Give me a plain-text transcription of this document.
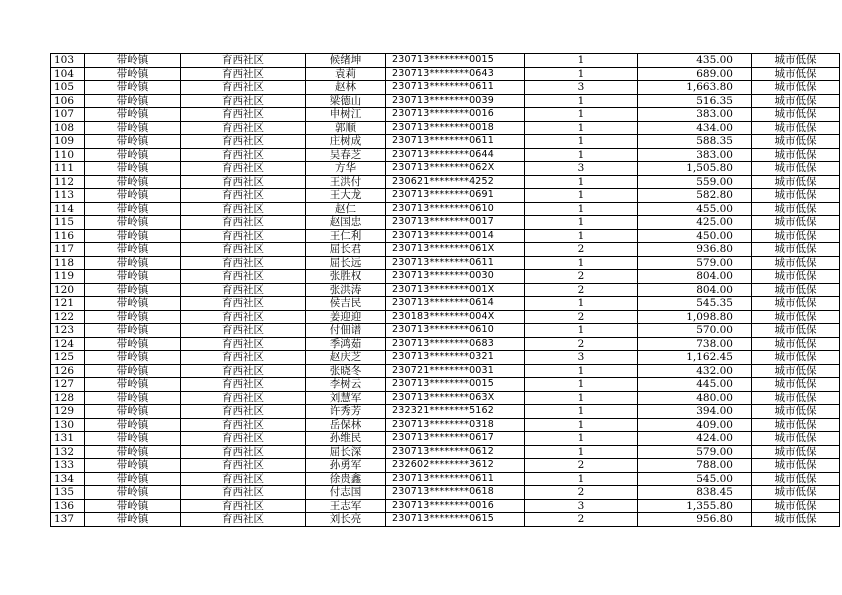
103	带岭镇	育西社区	候绪坤	230713********0015	1	435.00	城市低保
104	带岭镇	育西社区	袁莉	230713********0643	1	689.00	城市低保
105	带岭镇	育西社区	赵林	230713********0611	3	1,663.80	城市低保
106	带岭镇	育西社区	梁德山	230713********0039	1	516.35	城市低保
107	带岭镇	育西社区	申树江	230713********0016	1	383.00	城市低保
108	带岭镇	育西社区	郭顺	230713********0018	1	434.00	城市低保
109	带岭镇	育西社区	庄树成	230713********0611	1	588.35	城市低保
110	带岭镇	育西社区	吴春芝	230713********0644	1	383.00	城市低保
111	带岭镇	育西社区	方华	230713********062X	3	1,505.80	城市低保
112	带岭镇	育西社区	王洪付	230621********4252	1	559.00	城市低保
113	带岭镇	育西社区	王大龙	230713********0691	1	582.80	城市低保
114	带岭镇	育西社区	赵仁	230713********0610	1	455.00	城市低保
115	带岭镇	育西社区	赵国忠	230713********0017	1	425.00	城市低保
116	带岭镇	育西社区	王仁利	230713********0014	1	450.00	城市低保
117	带岭镇	育西社区	屈长君	230713********061X	2	936.80	城市低保
118	带岭镇	育西社区	屈长远	230713********0611	1	579.00	城市低保
119	带岭镇	育西社区	张胜权	230713********0030	2	804.00	城市低保
120	带岭镇	育西社区	张洪涛	230713********001X	2	804.00	城市低保
121	带岭镇	育西社区	侯吉民	230713********0614	1	545.35	城市低保
122	带岭镇	育西社区	姜迎迎	230183********004X	2	1,098.80	城市低保
123	带岭镇	育西社区	付佃谱	230713********0610	1	570.00	城市低保
124	带岭镇	育西社区	季鸿茹	230713********0683	2	738.00	城市低保
125	带岭镇	育西社区	赵庆芝	230713********0321	3	1,162.45	城市低保
126	带岭镇	育西社区	张晓冬	230721********0031	1	432.00	城市低保
127	带岭镇	育西社区	李树云	230713********0015	1	445.00	城市低保
128	带岭镇	育西社区	刘慧军	230713********063X	1	480.00	城市低保
129	带岭镇	育西社区	许秀芳	232321********5162	1	394.00	城市低保
130	带岭镇	育西社区	岳保林	230713********0318	1	409.00	城市低保
131	带岭镇	育西社区	孙维民	230713********0617	1	424.00	城市低保
132	带岭镇	育西社区	屈长深	230713********0612	1	579.00	城市低保
133	带岭镇	育西社区	孙勇军	232602********3612	2	788.00	城市低保
134	带岭镇	育西社区	徐贵鑫	230713********0611	1	545.00	城市低保
135	带岭镇	育西社区	付志国	230713********0618	2	838.45	城市低保
136	带岭镇	育西社区	王志军	230713********0016	3	1,355.80	城市低保
137	带岭镇	育西社区	刘长亮	230713********0615	2	956.80	城市低保
